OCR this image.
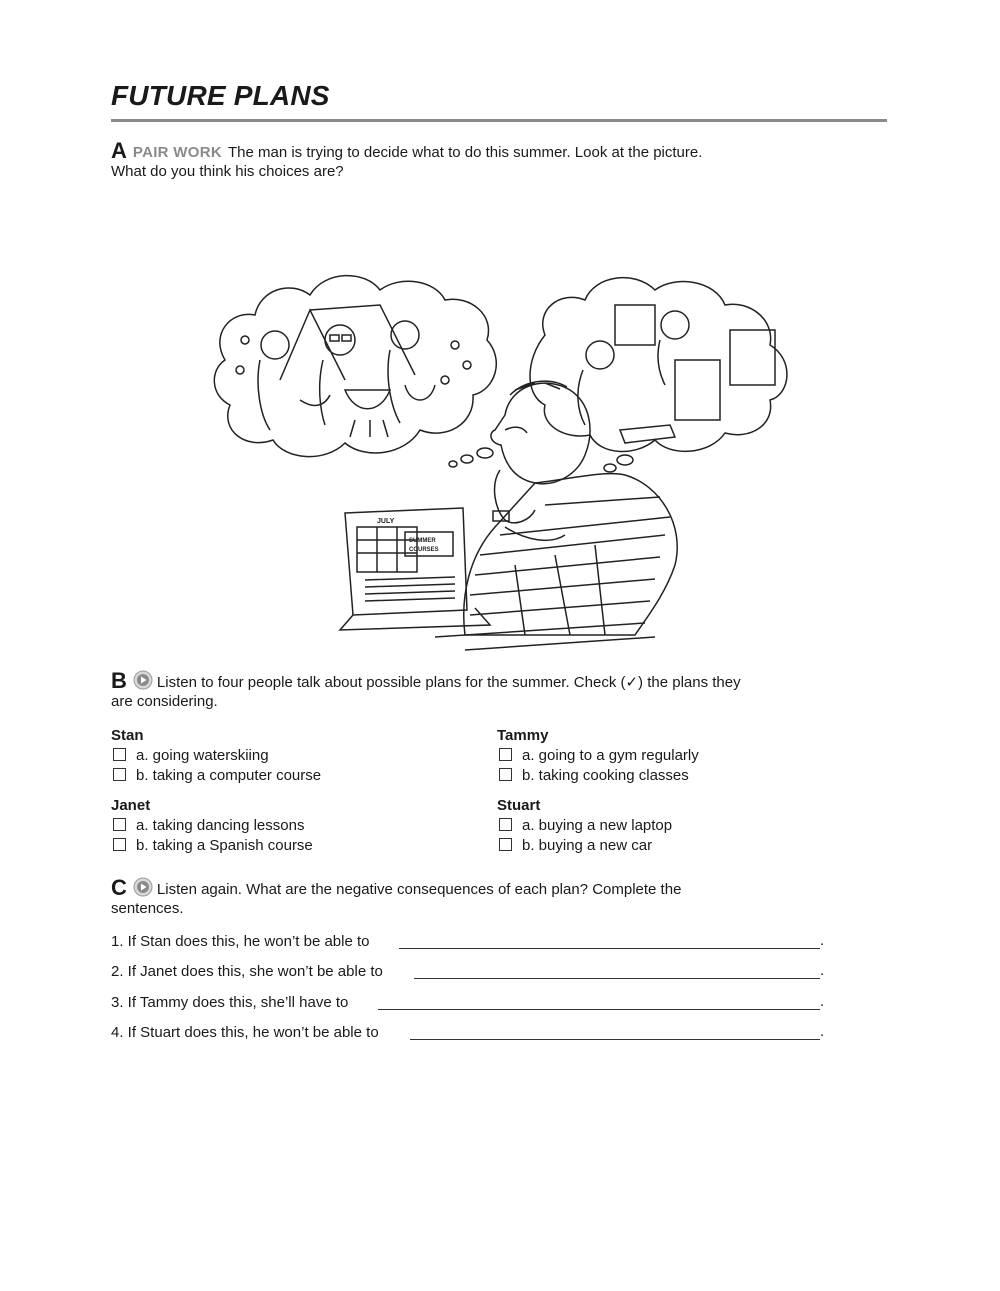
FUTURE PLANS
A PAIR WORK The man is trying to decide what to do this summer. Look at the picture. What do you think his choices are?
JULY
SUMMER
COURSES
B Listen to four people talk about possible plans for the summer. Check (✓) the plans they are considering.
Stan
a. going waterskiing
b. taking a computer course
Tammy
a. going to a gym regularly
b. taking cooking classes
Janet
a. taking dancing lessons
b. taking a Spanish course
Stuart
a. buying a new laptop
b. buying a new car
C Listen again. What are the negative consequences of each plan? Complete the sentences.
1. If Stan does this, he won’t be able to	.
2. If Janet does this, she won’t be able to	.
3. If Tammy does this, she’ll have to	.
4. If Stuart does this, he won’t be able to	.
